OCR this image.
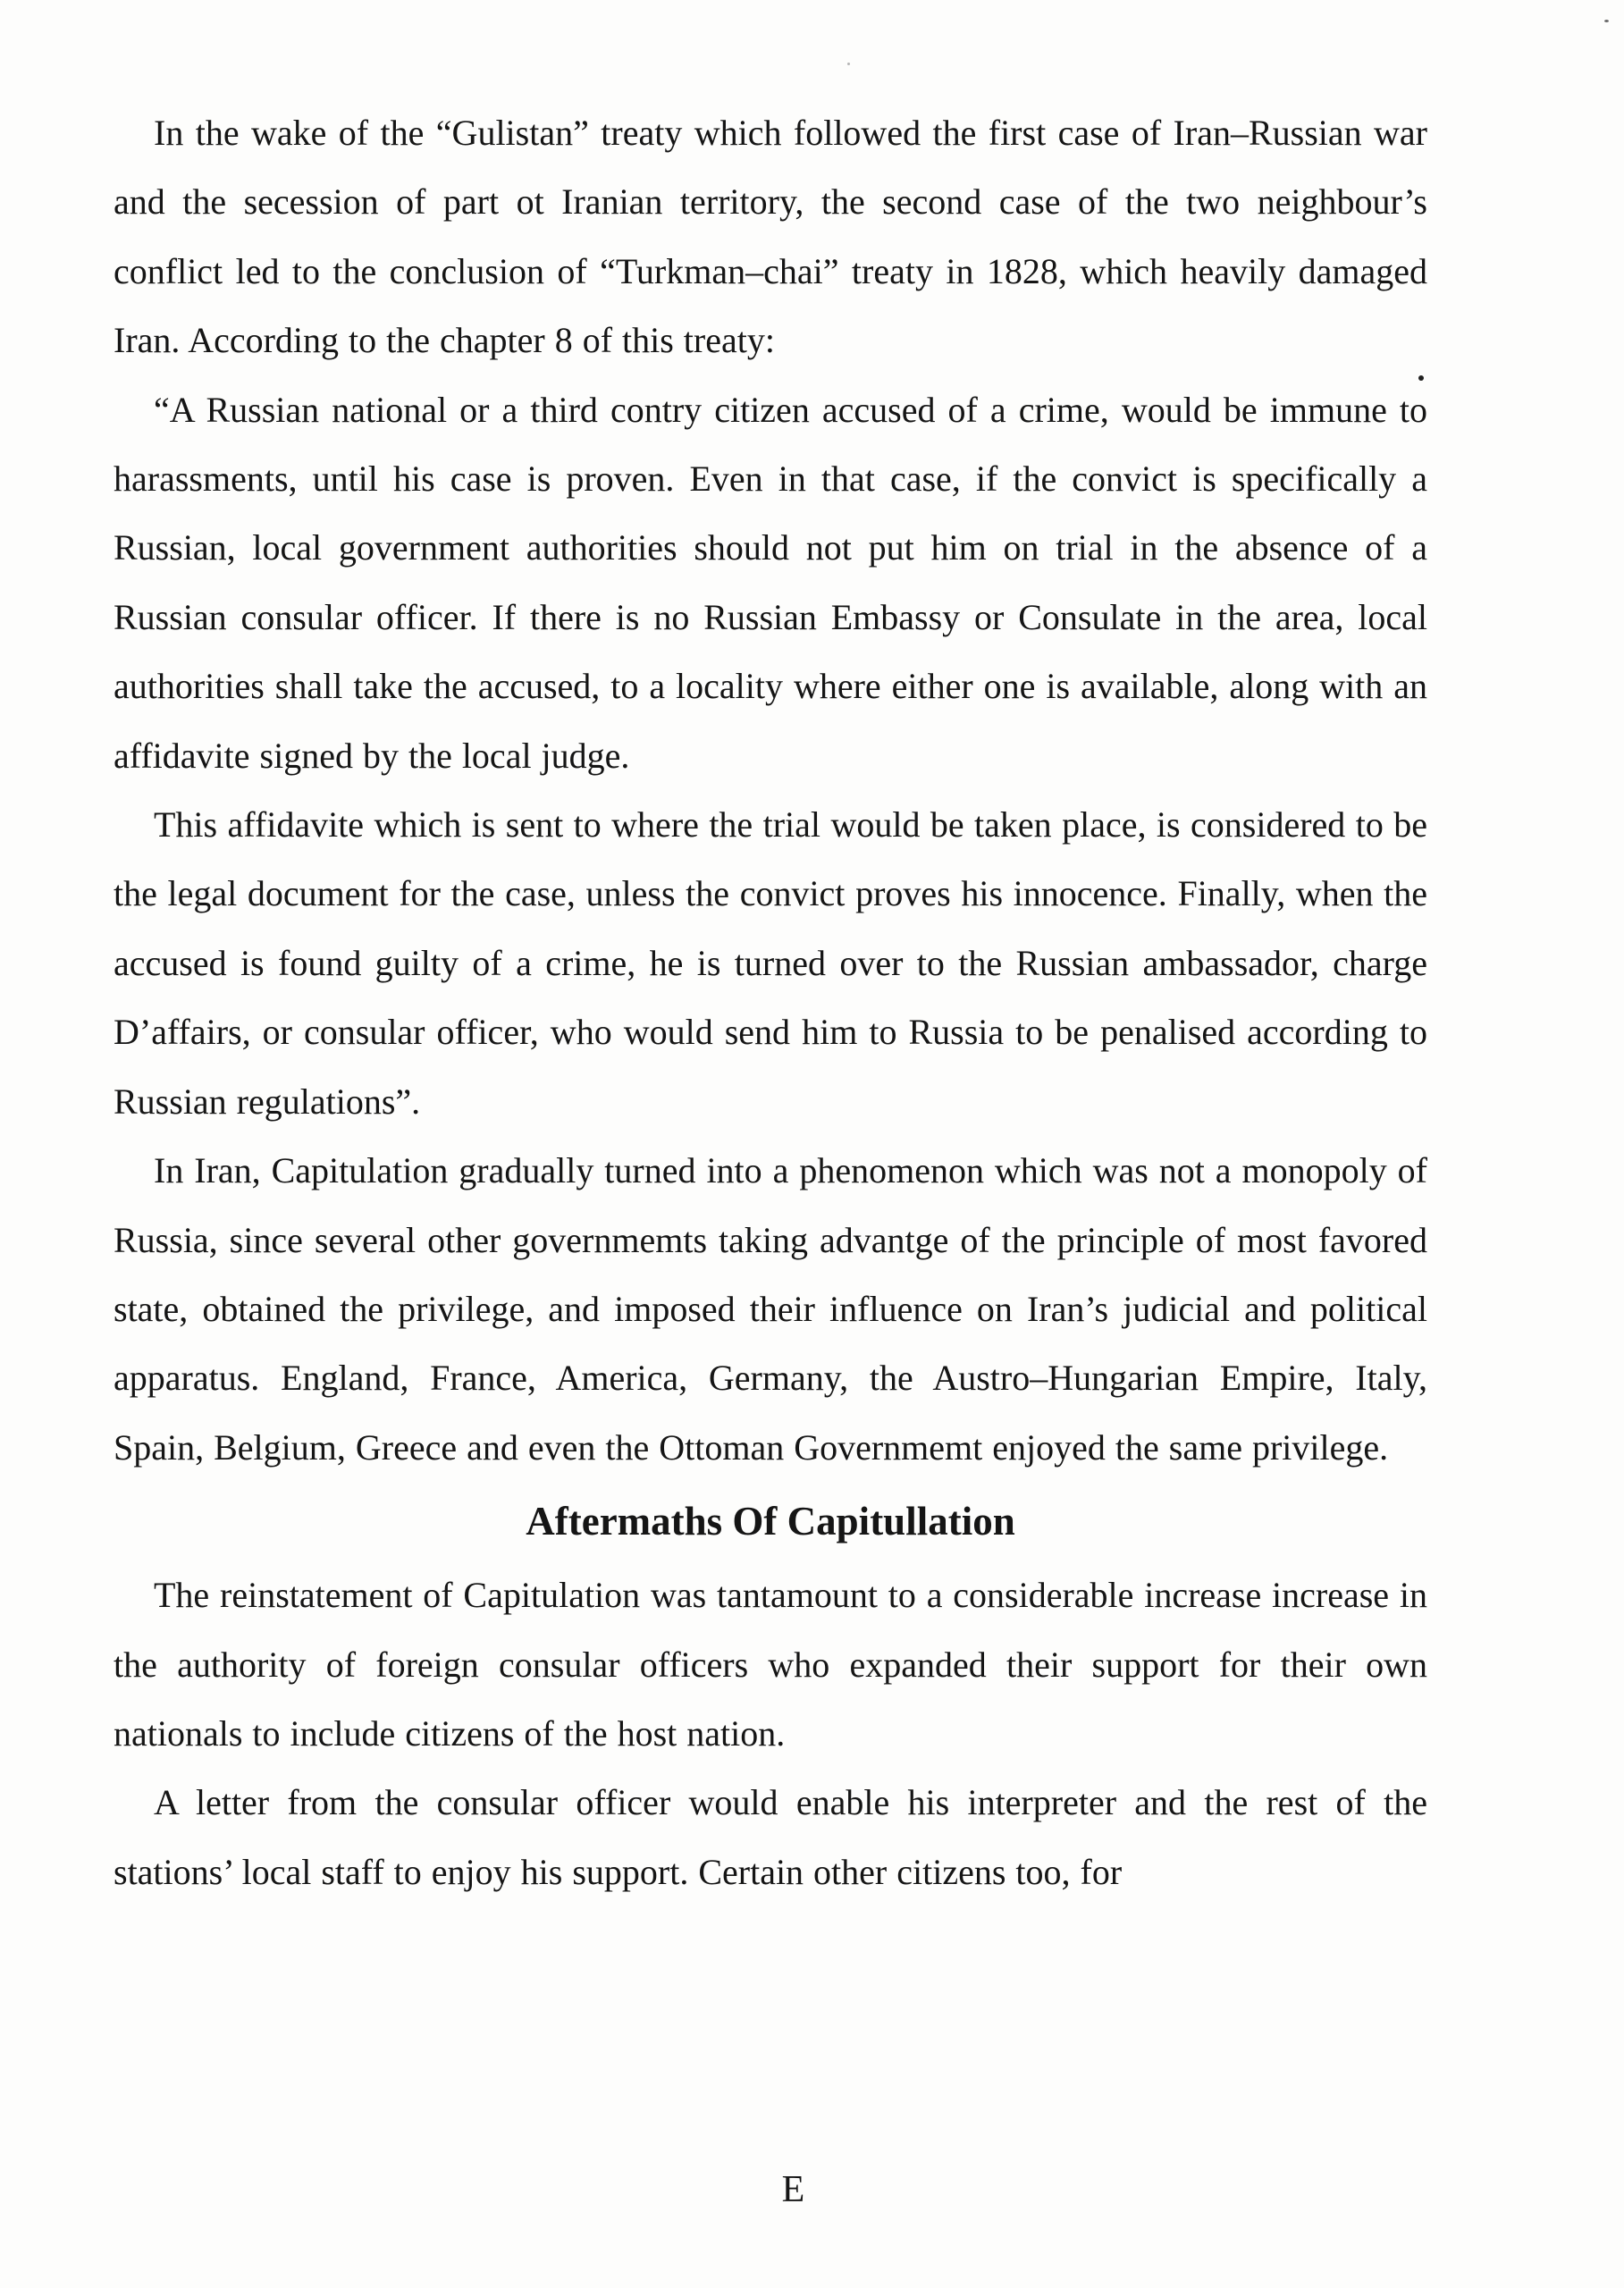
In the wake of the “Gulistan” treaty which followed the first case of Iran–Russian war and the secession of part ot Iranian territory, the second case of the two neighbour’s conflict led to the conclusion of “Turkman–chai” treaty in 1828, which heavily damaged Iran. According to the chapter 8 of this treaty:

“A Russian national or a third contry citizen accused of a crime, would be immune to harassments, until his case is proven. Even in that case, if the convict is specifically a Russian, local government authorities should not put him on trial in the absence of a Russian consular officer. If there is no Russian Embassy or Consulate in the area, local authorities shall take the accused, to a locality where either one is available, along with an affidavite signed by the local judge.

This affidavite which is sent to where the trial would be taken place, is considered to be the legal document for the case, unless the convict proves his innocence. Finally, when the accused is found guilty of a crime, he is turned over to the Russian ambassador, charge D’affairs, or consular officer, who would send him to Russia to be penalised according to Russian regulations”.

In Iran, Capitulation gradually turned into a phenomenon which was not a monopoly of Russia, since several other governmemts taking advantge of the principle of most favored state, obtained the privilege, and imposed their influence on Iran’s judicial and political apparatus. England, France, America, Germany, the Austro–Hungarian Empire, Italy, Spain, Belgium, Greece and even the Ottoman Governmemt enjoyed the same privilege.

Aftermaths Of Capitullation

The reinstatement of Capitulation was tantamount to a considerable increase increase in the authority of foreign consular officers who expanded their support for their own nationals to include citizens of the host nation.

A letter from the consular officer would enable his interpreter and the rest of the stations’ local staff to enjoy his support. Certain other citizens too, for

E
